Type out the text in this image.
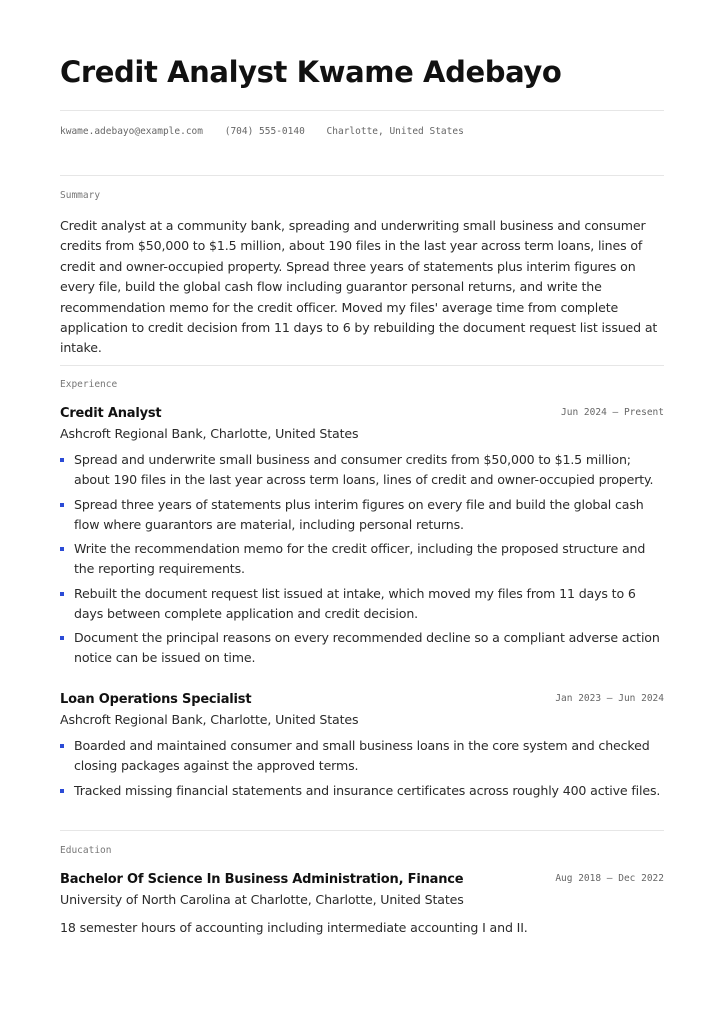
Credit Analyst Kwame Adebayo
kwame.adebayo@example.com (704) 555-0140 Charlotte, United States
Summary

Credit analyst at a community bank, spreading and underwriting small business and consumer credits from $50,000 to $1.5 million, about 190 files in the last year across term loans, lines of credit and owner-occupied property. Spread three years of statements plus interim figures on every file, build the global cash flow including guarantor personal returns, and write the recommendation memo for the credit officer. Moved my files' average time from complete application to credit decision from 11 days to 6 by rebuilding the document request list issued at intake.

Experience
Credit Analyst	Jun 2024 – Present
Ashcroft Regional Bank, Charlotte, United States
Spread and underwrite small business and consumer credits from $50,000 to $1.5 million; about 190 files in the last year across term loans, lines of credit and owner-occupied property.
Spread three years of statements plus interim figures on every file and build the global cash flow where guarantors are material, including personal returns.
Write the recommendation memo for the credit officer, including the proposed structure and the reporting requirements.
Rebuilt the document request list issued at intake, which moved my files from 11 days to 6 days between complete application and credit decision.
Document the principal reasons on every recommended decline so a compliant adverse action notice can be issued on time.
Loan Operations Specialist	Jan 2023 – Jun 2024
Ashcroft Regional Bank, Charlotte, United States
Boarded and maintained consumer and small business loans in the core system and checked closing packages against the approved terms.
Tracked missing financial statements and insurance certificates across roughly 400 active files.
Education
Bachelor Of Science In Business Administration, Finance	Aug 2018 – Dec 2022
University of North Carolina at Charlotte, Charlotte, United States
18 semester hours of accounting including intermediate accounting I and II.
